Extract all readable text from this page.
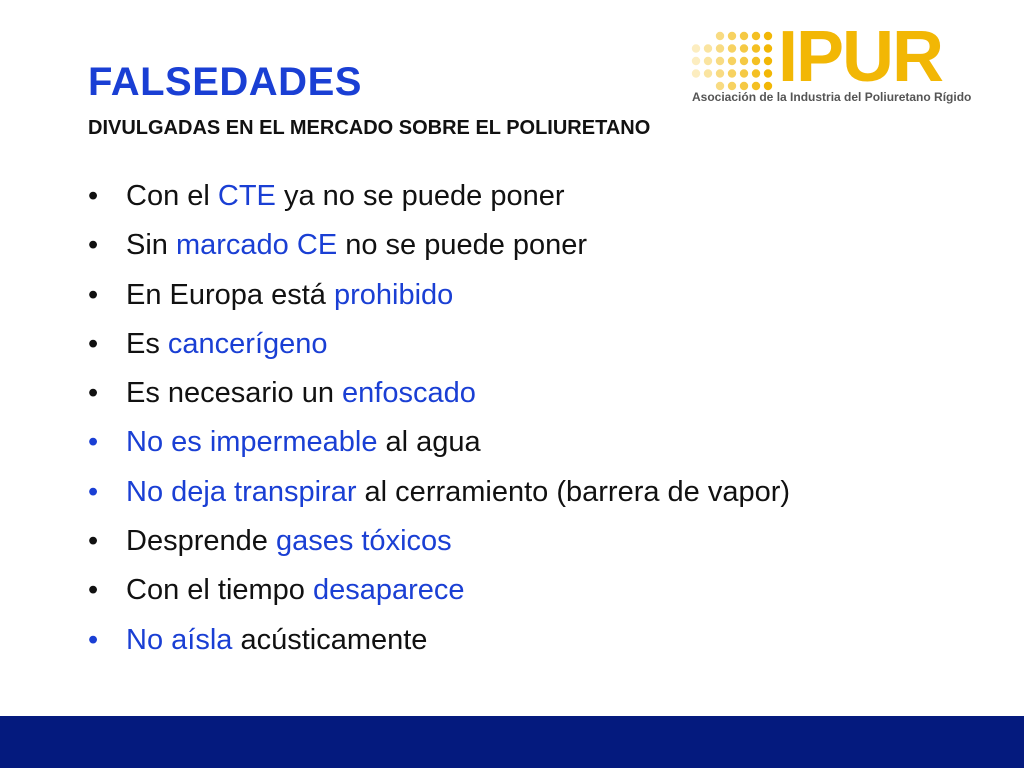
FALSEDADES
DIVULGADAS EN EL MERCADO SOBRE EL POLIURETANO
IPUR
Asociación de la Industria del Poliuretano Rígido
• Con el CTE ya no se puede poner
• Sin marcado CE no se puede poner
• En Europa está prohibido
• Es cancerígeno
• Es necesario un enfoscado
• No es impermeable al agua
• No deja transpirar al cerramiento (barrera de vapor)
• Desprende gases tóxicos
• Con el tiempo desaparece
• No aísla acústicamente
